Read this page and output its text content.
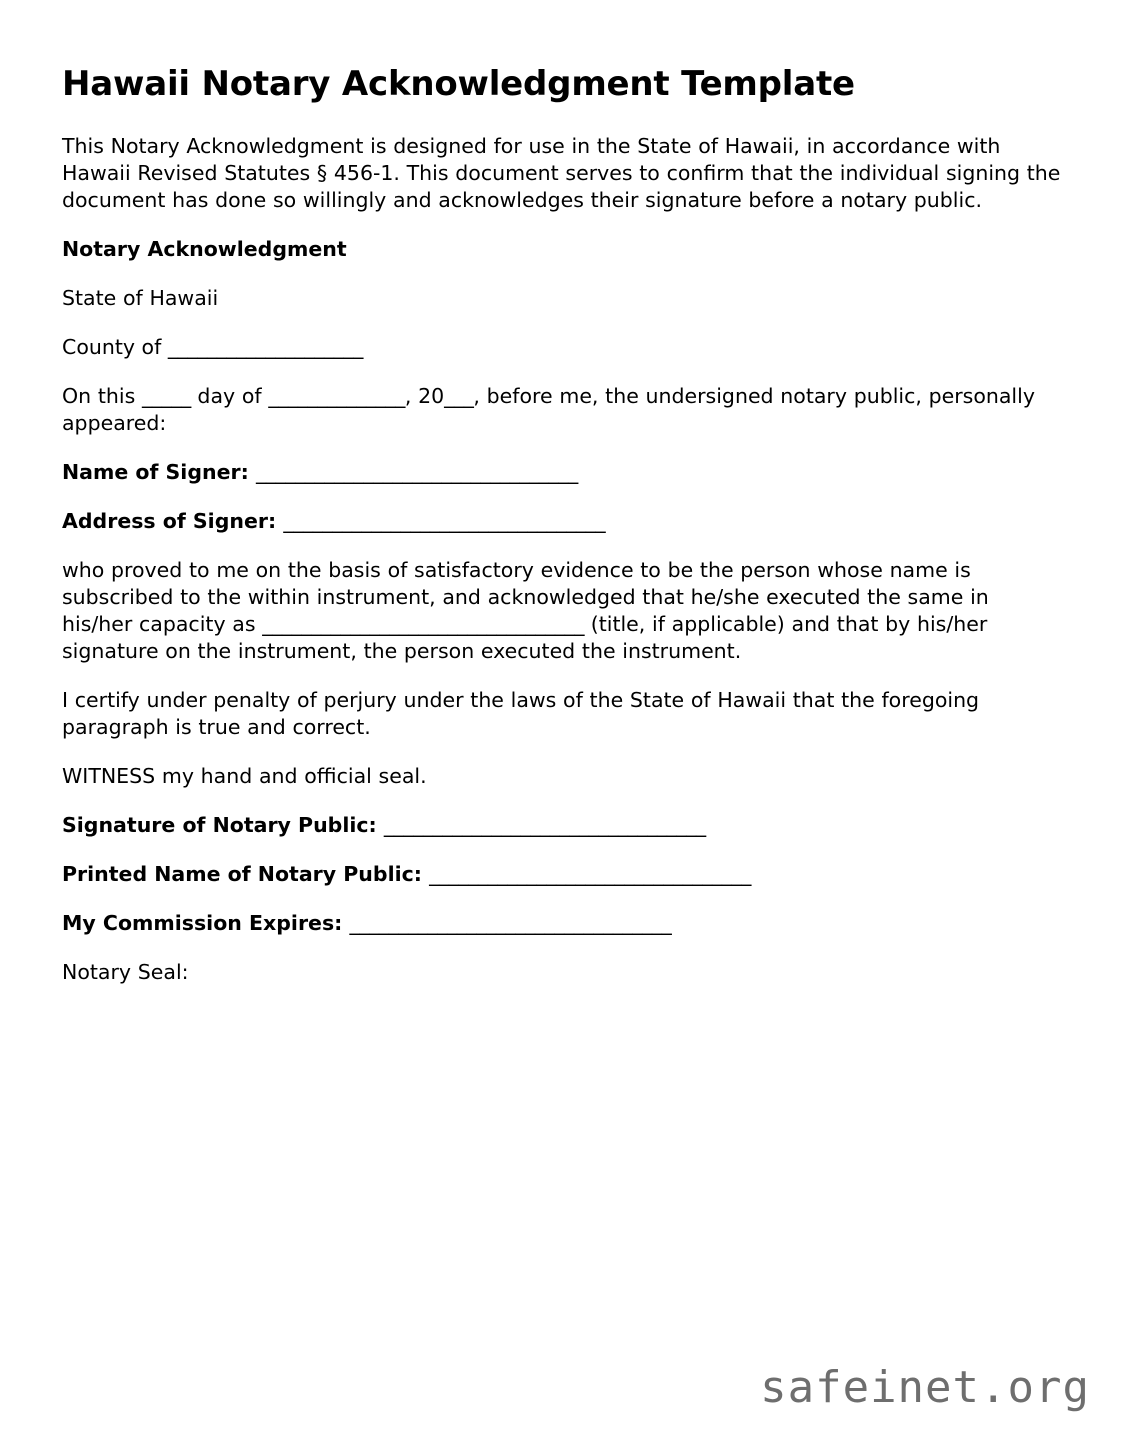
Hawaii Notary Acknowledgment Template

This Notary Acknowledgment is designed for use in the State of Hawaii, in accordance with Hawaii Revised Statutes § 456-1. This document serves to confirm that the individual signing the document has done so willingly and acknowledges their signature before a notary public.

Notary Acknowledgment

State of Hawaii

County of ____________________

On this _____ day of ______________, 20___, before me, the undersigned notary public, personally appeared:

Name of Signer: _________________________________

Address of Signer: _________________________________

who proved to me on the basis of satisfactory evidence to be the person whose name is subscribed to the within instrument, and acknowledged that he/she executed the same in his/her capacity as _________________________________ (title, if applicable) and that by his/her signature on the instrument, the person executed the instrument.

I certify under penalty of perjury under the laws of the State of Hawaii that the foregoing paragraph is true and correct.

WITNESS my hand and official seal.

Signature of Notary Public: _________________________________

Printed Name of Notary Public: _________________________________

My Commission Expires: _________________________________

Notary Seal:

safeinet.org
